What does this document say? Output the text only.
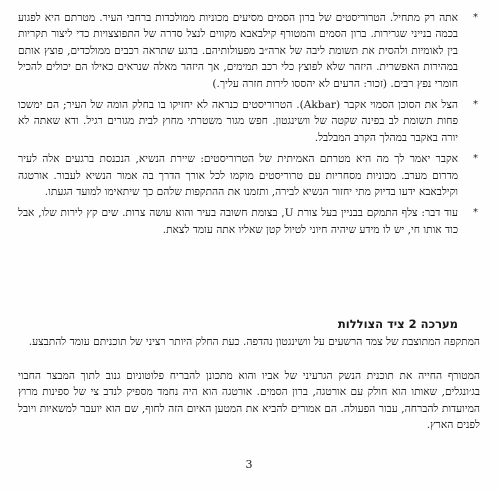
*
אתה רק מתחיל. הטרוריסטים של ברון הסמים מסיעים מכוניות ממולכדות ברחבי העיר. מטרתם היא לפגוע בכמה בנייני שגרירות. ברון הסמים והמטורף קילבאבא מקווים לנצל סדרה של התפוצצויות כדי ליצור תקריות בין לאומיות ולהסית את תשומת ליבה של ארה״ב מפעולותיהם. ברגע שתראה רכבים ממולכדים, פוצץ אותם במהירות האפשרית. היזהר שלא לפוצץ כלי רכב תמימים, אך היזהר מאלה שנראים כאילו הם יכולים להכיל חומרי נפץ רבים. (זכור: הרעים לא יהססו לירות חזרה עליך.)
*
הצל את הסוכן הסמוי אקבר (Akbar). הטרוריסטים כנראה לא יחזיקו בו בחלק הומה של העיר; הם ימשכו פחות תשומת לב בפינה שקטה של וושינגטון. חפש מגור משטרתי מחוץ לבית מגורים רגיל. ודא שאתה לא יורה באקבר במהלך הקרב המבלבל.
*
אקבר יאמר לך מה היא מטרתם האמיתית של הטרוריסטים: שיירת הנשיא, הנכנסת ברגעים אלה לעיר מדרום מערב. מכוניות מסחריות עם טרוריסטים מוקמו לכל אורך הדרך בה אמור הנשיא לעבור. אורטגה וקילבאבא ידעו בדיוק מתי יחזור הנשיא לבירה, ותזמנו את ההתקפות שלהם כך שיתאימו למועד הגעתו.
*
עוד דבר: צלף התמקם בבניין בעל צורת U, בצומת חשובה בעיר והוא עושה צרות. שים קץ לירות שלו, אבל כוד אותו חי, יש לו מידע שיהיה חיוני לטיול קטן שאליו אתה עומד לצאת.
מערכה 2 ציד הצוללות
המתקפה המתוצבת של צמד הרשעים על וושינגטון נהדפה. כעת החלק היותר רציני של תוכניתם עומד להתבצע.
המטורף החייה את תוכנית הנשק הגרעיני של אביו והוא מתכונן להבריח פלוטוניום גנוב לתוך המבצר החבוי בג׳ונגלים, שאותו הוא חולק עם אורטגה, ברון הסמים. אורטגה הוא היה נחמד מספיק לנדב צי של ספינות מרוץ המיועדות להברחה, עבור הפעולה. הם אמורים להביא את המטען האיום הזה לחוף, שם הוא יועבר למשאיות ויובל לפנים הארץ.
3
